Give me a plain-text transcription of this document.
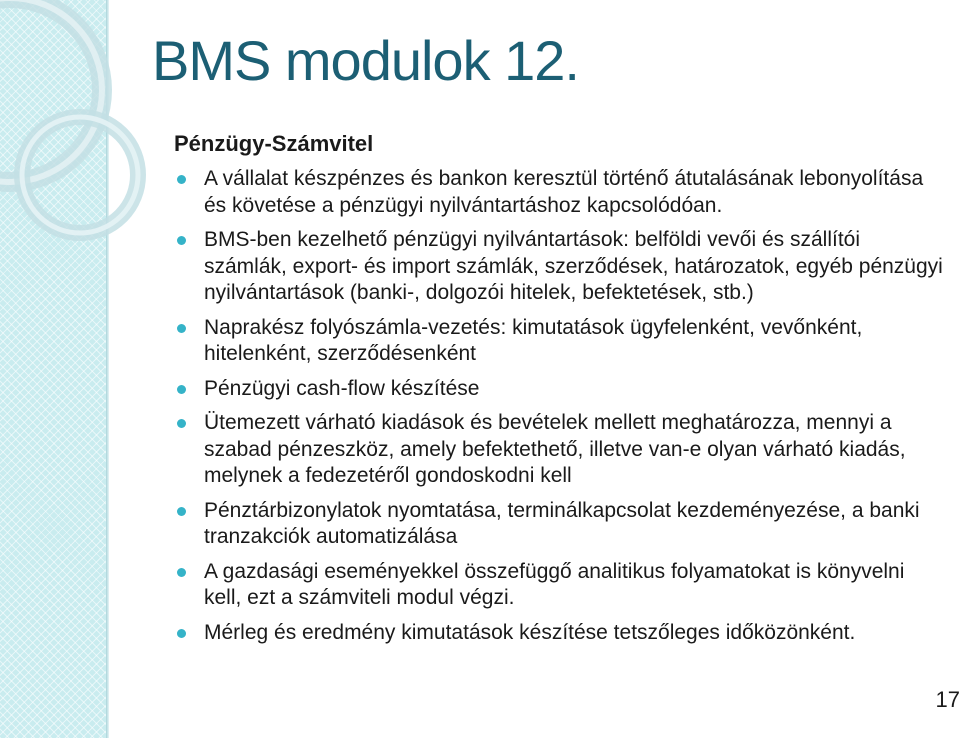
BMS modulok 12.
Pénzügy-Számvitel
A vállalat készpénzes és bankon keresztül történő átutalásának lebonyolítása és követése a pénzügyi nyilvántartáshoz kapcsolódóan.
BMS-ben kezelhető pénzügyi nyilvántartások: belföldi vevői és szállítói számlák, export- és import számlák, szerződések, határozatok, egyéb pénzügyi nyilvántartások (banki-, dolgozói hitelek, befektetések, stb.)
Naprakész folyószámla-vezetés: kimutatások ügyfelenként, vevőnként, hitelenként, szerződésenként
Pénzügyi cash-flow készítése
Ütemezett várható kiadások és bevételek mellett meghatározza, mennyi a szabad pénzeszköz, amely befektethető, illetve van-e olyan várható kiadás, melynek a fedezetéről gondoskodni kell
Pénztárbizonylatok nyomtatása, terminálkapcsolat kezdeményezése, a banki tranzakciók automatizálása
A gazdasági eseményekkel összefüggő analitikus folyamatokat is könyvelni kell, ezt a számviteli modul végzi.
Mérleg és eredmény kimutatások készítése tetszőleges időközönként.
17
